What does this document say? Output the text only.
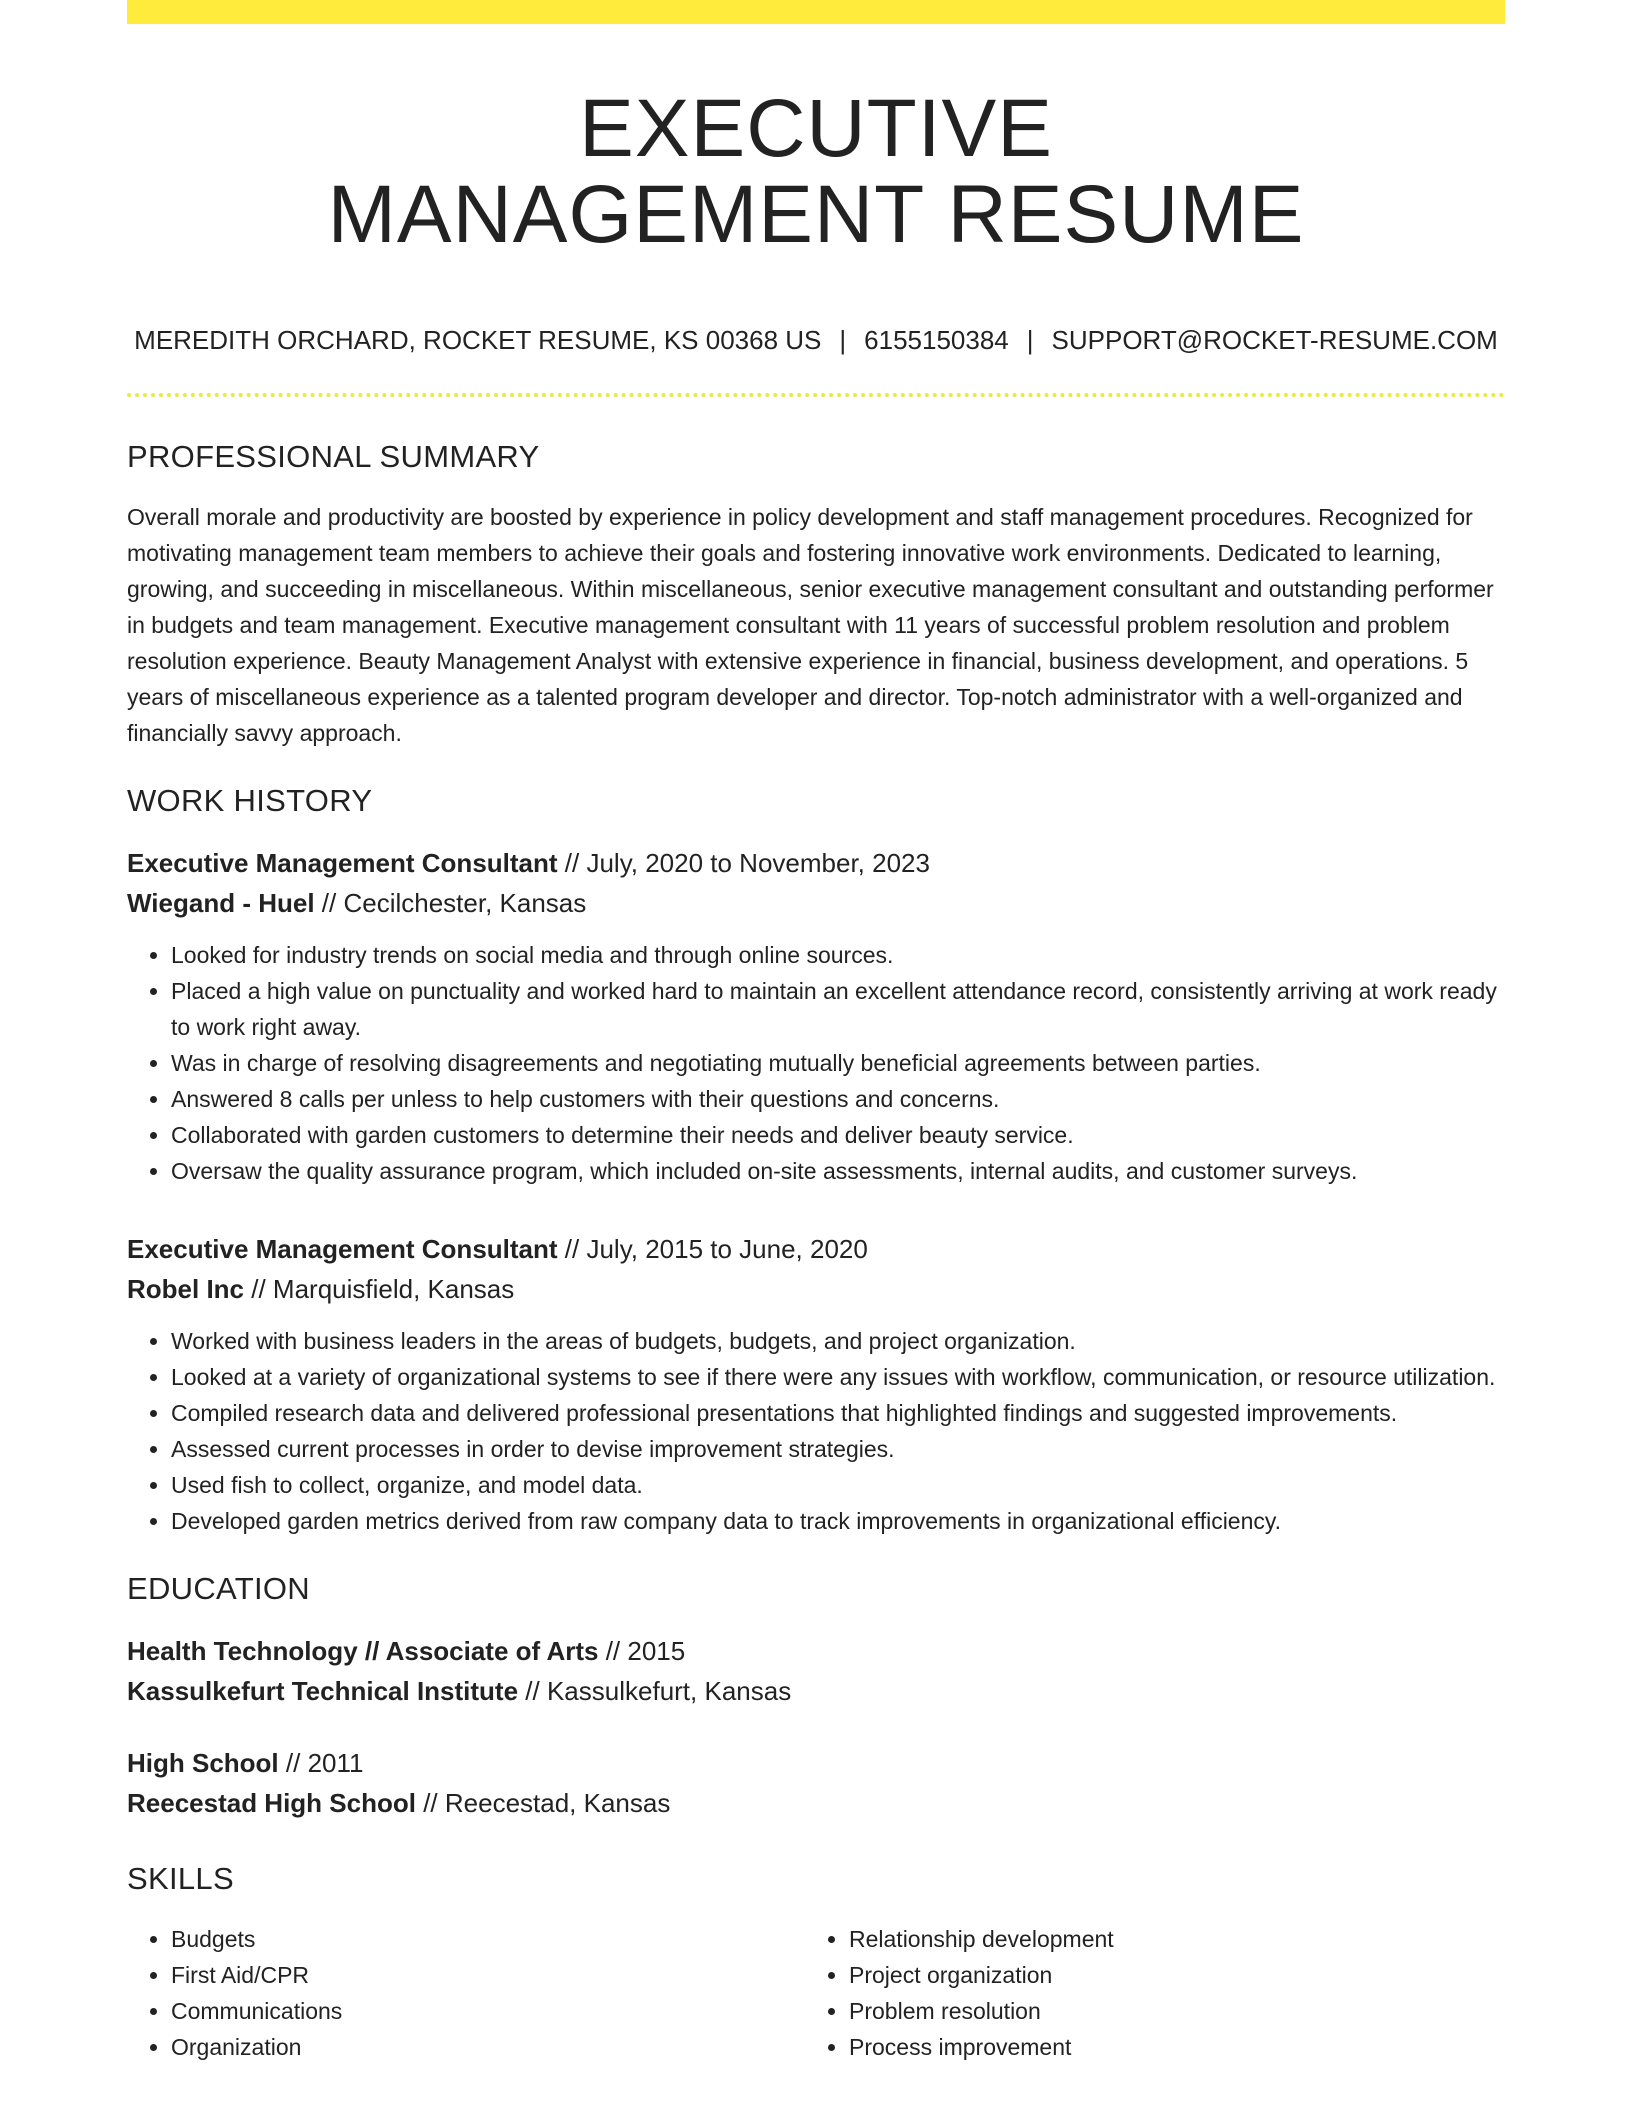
EXECUTIVE
MANAGEMENT RESUME
MEREDITH ORCHARD, ROCKET RESUME, KS 00368 US | 6155150384 | SUPPORT@ROCKET-RESUME.COM
PROFESSIONAL SUMMARY
Overall morale and productivity are boosted by experience in policy development and staff management procedures. Recognized for motivating management team members to achieve their goals and fostering innovative work environments. Dedicated to learning, growing, and succeeding in miscellaneous. Within miscellaneous, senior executive management consultant and outstanding performer in budgets and team management. Executive management consultant with 11 years of successful problem resolution and problem resolution experience. Beauty Management Analyst with extensive experience in financial, business development, and operations. 5 years of miscellaneous experience as a talented program developer and director. Top-notch administrator with a well-organized and financially savvy approach.
WORK HISTORY
Executive Management Consultant // July, 2020 to November, 2023
Wiegand - Huel // Cecilchester, Kansas
• Looked for industry trends on social media and through online sources.
• Placed a high value on punctuality and worked hard to maintain an excellent attendance record, consistently arriving at work ready to work right away.
• Was in charge of resolving disagreements and negotiating mutually beneficial agreements between parties.
• Answered 8 calls per unless to help customers with their questions and concerns.
• Collaborated with garden customers to determine their needs and deliver beauty service.
• Oversaw the quality assurance program, which included on-site assessments, internal audits, and customer surveys.
Executive Management Consultant // July, 2015 to June, 2020
Robel Inc // Marquisfield, Kansas
• Worked with business leaders in the areas of budgets, budgets, and project organization.
• Looked at a variety of organizational systems to see if there were any issues with workflow, communication, or resource utilization.
• Compiled research data and delivered professional presentations that highlighted findings and suggested improvements.
• Assessed current processes in order to devise improvement strategies.
• Used fish to collect, organize, and model data.
• Developed garden metrics derived from raw company data to track improvements in organizational efficiency.
EDUCATION
Health Technology // Associate of Arts // 2015
Kassulkefurt Technical Institute // Kassulkefurt, Kansas
High School // 2011
Reecestad High School // Reecestad, Kansas
SKILLS
• Budgets
• First Aid/CPR
• Communications
• Organization
• Relationship development
• Project organization
• Problem resolution
• Process improvement
